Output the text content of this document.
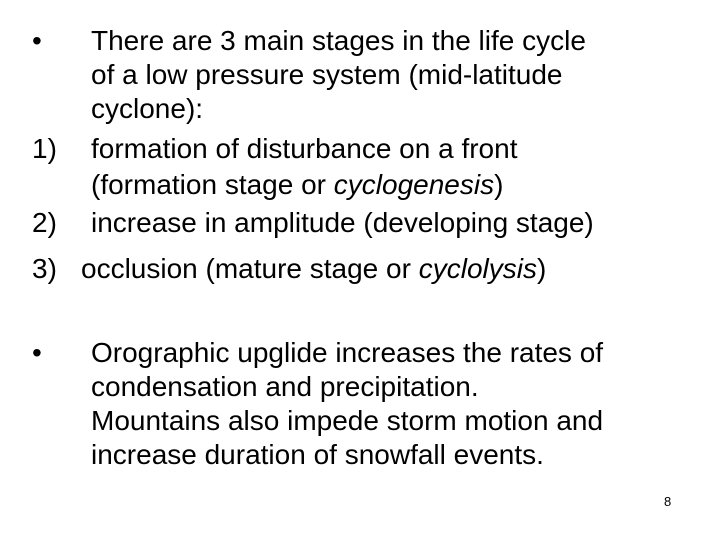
• There are 3 main stages in the life cycle
of a low pressure system (mid-latitude
cyclone):
1) formation of disturbance on a front
(formation stage or cyclogenesis)
2) increase in amplitude (developing stage)
3) occlusion (mature stage or cyclolysis)
• Orographic upglide increases the rates of
condensation and precipitation.
Mountains also impede storm motion and
increase duration of snowfall events.
8
